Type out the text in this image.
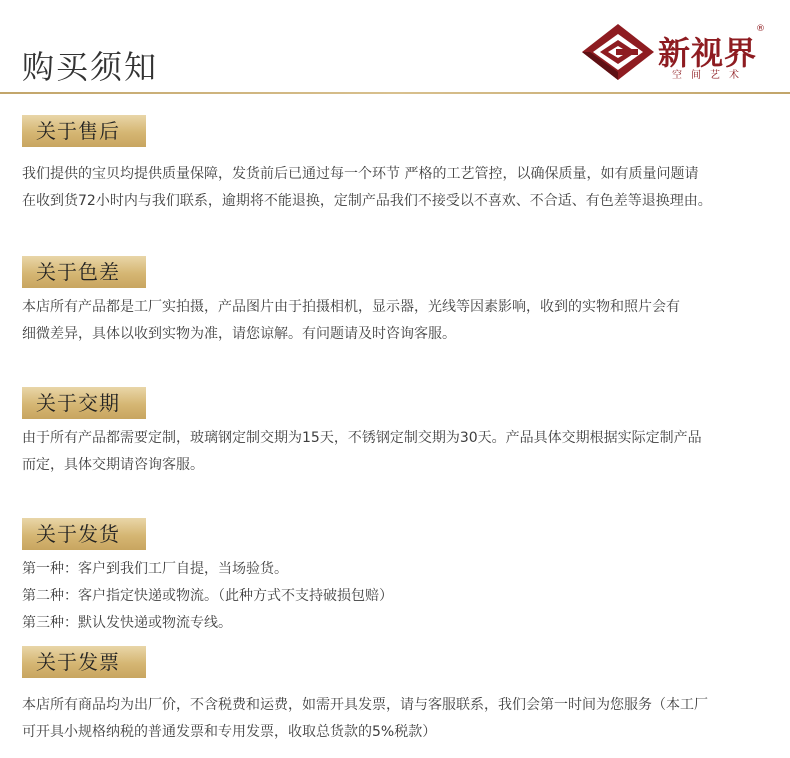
购买须知	新视界
®
空间艺术
关于售后

我们提供的宝贝均提供质量保障，发货前后已通过每一个环节 严格的工艺管控，以确保质量，如有质量问题请

在收到货72小时内与我们联系，逾期将不能退换，定制产品我们不接受以不喜欢、不合适、有色差等退换理由。

关于色差

本店所有产品都是工厂实拍摄，产品图片由于拍摄相机，显示器，光线等因素影响，收到的实物和照片会有

细微差异，具体以收到实物为准，请您谅解。有问题请及时咨询客服。

关于交期

由于所有产品都需要定制，玻璃钢定制交期为15天，不锈钢定制交期为30天。产品具体交期根据实际定制产品

而定，具体交期请咨询客服。

关于发货

第一种：客户到我们工厂自提，当场验货。

第二种：客户指定快递或物流。（此种方式不支持破损包赔）

第三种：默认发快递或物流专线。

关于发票

本店所有商品均为出厂价，不含税费和运费，如需开具发票，请与客服联系，我们会第一时间为您服务（本工厂

可开具小规格纳税的普通发票和专用发票，收取总货款的5%税款）
